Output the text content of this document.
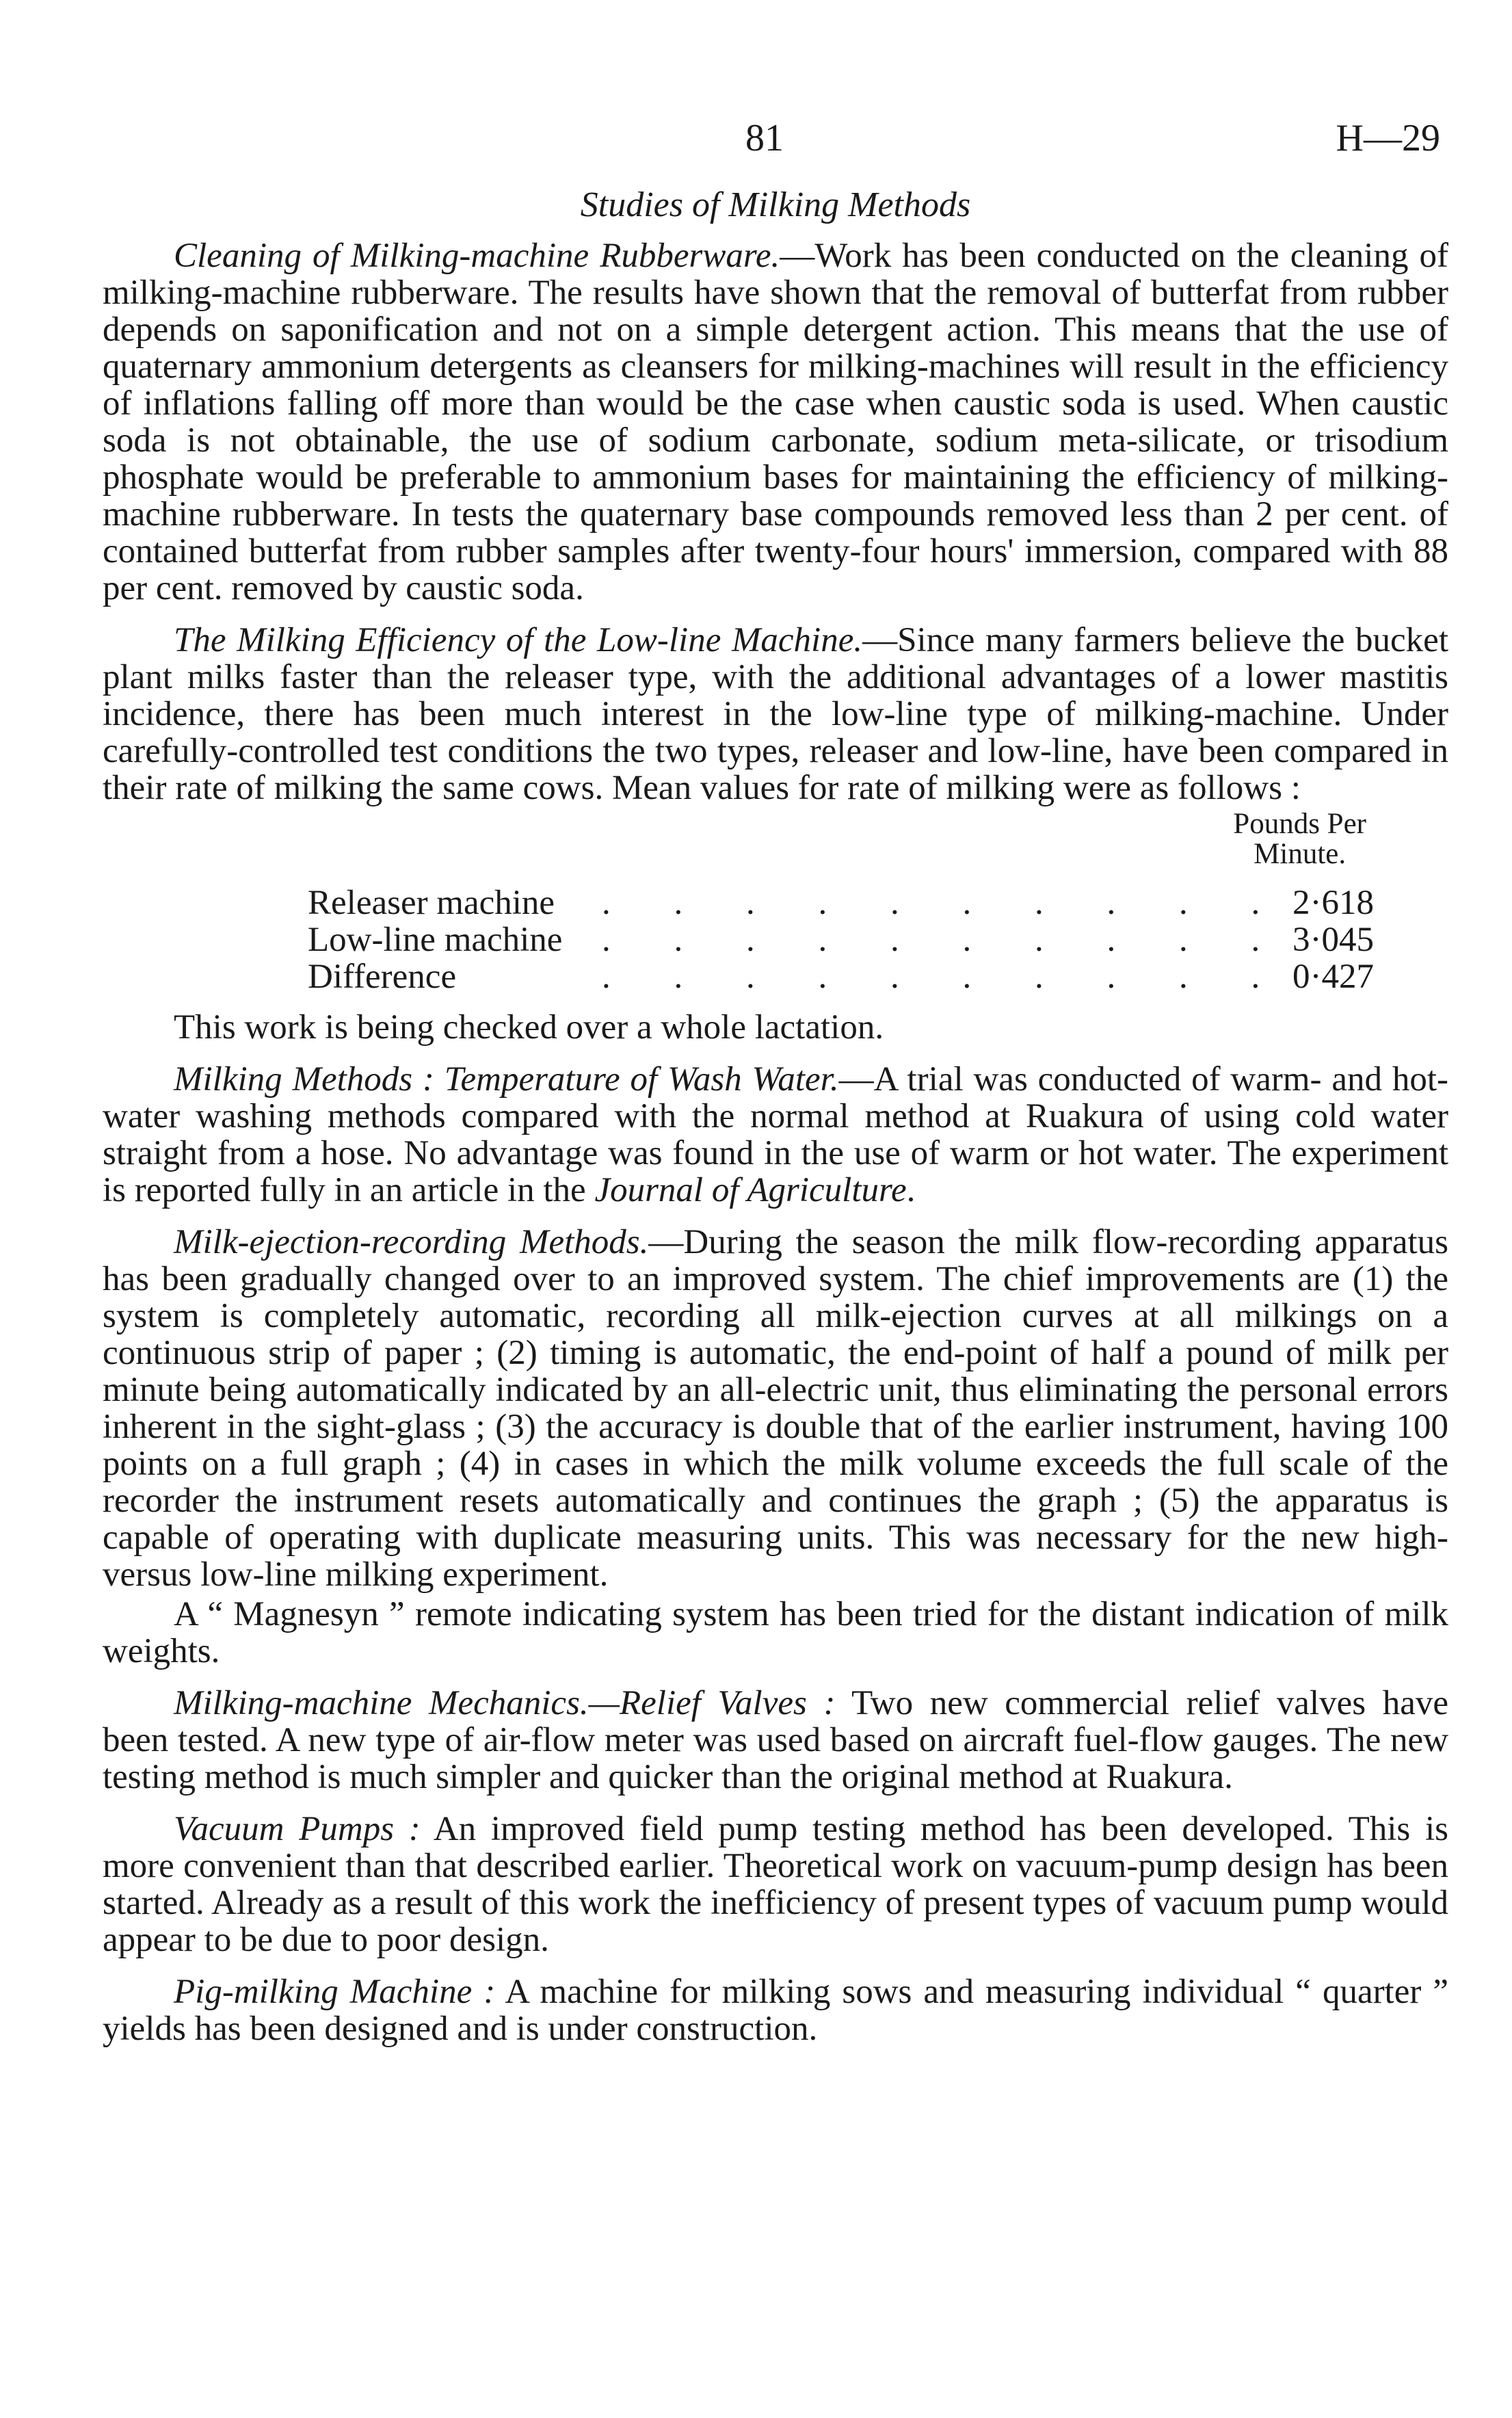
81	H—29
Studies of Milking Methods

Cleaning of Milking-machine Rubberware.—Work has been conducted on the cleaning of milking-machine rubberware. The results have shown that the removal of butterfat from rubber depends on saponification and not on a simple detergent action. This means that the use of quaternary ammonium detergents as cleansers for milking-machines will result in the efficiency of inflations falling off more than would be the case when caustic soda is used. When caustic soda is not obtainable, the use of sodium carbonate, sodium meta-silicate, or trisodium phosphate would be preferable to ammonium bases for maintaining the efficiency of milking-machine rubberware. In tests the quaternary base compounds removed less than 2 per cent. of contained butterfat from rubber samples after twenty-four hours' immersion, compared with 88 per cent. removed by caustic soda.

The Milking Efficiency of the Low-line Machine.—Since many farmers believe the bucket plant milks faster than the releaser type, with the additional advantages of a lower mastitis incidence, there has been much interest in the low-line type of milking-machine. Under carefully-controlled test conditions the two types, releaser and low-line, have been compared in their rate of milking the same cows. Mean values for rate of milking were as follows :

Pounds Per
Minute.
Releaser machine	. . . . . . . . . . 2·618
Low-line machine	. . . . . . . . . . 3·045
Difference	. . . . . . . . . . 0·427

This work is being checked over a whole lactation.

Milking Methods : Temperature of Wash Water.—A trial was conducted of warm- and hot-water washing methods compared with the normal method at Ruakura of using cold water straight from a hose. No advantage was found in the use of warm or hot water. The experiment is reported fully in an article in the Journal of Agriculture.

Milk-ejection-recording Methods.—During the season the milk flow-recording apparatus has been gradually changed over to an improved system. The chief improvements are (1) the system is completely automatic, recording all milk-ejection curves at all milkings on a continuous strip of paper ; (2) timing is automatic, the end-point of half a pound of milk per minute being automatically indicated by an all-electric unit, thus eliminating the personal errors inherent in the sight-glass ; (3) the accuracy is double that of the earlier instrument, having 100 points on a full graph ; (4) in cases in which the milk volume exceeds the full scale of the recorder the instrument resets automatically and continues the graph ; (5) the apparatus is capable of operating with duplicate measuring units. This was necessary for the new high- versus low-line milking experiment.

A “ Magnesyn ” remote indicating system has been tried for the distant indication of milk weights.

Milking-machine Mechanics.—Relief Valves : Two new commercial relief valves have been tested. A new type of air-flow meter was used based on aircraft fuel-flow gauges. The new testing method is much simpler and quicker than the original method at Ruakura.

Vacuum Pumps : An improved field pump testing method has been developed. This is more convenient than that described earlier. Theoretical work on vacuum-pump design has been started. Already as a result of this work the inefficiency of present types of vacuum pump would appear to be due to poor design.

Pig-milking Machine : A machine for milking sows and measuring individual “ quarter ” yields has been designed and is under construction.
